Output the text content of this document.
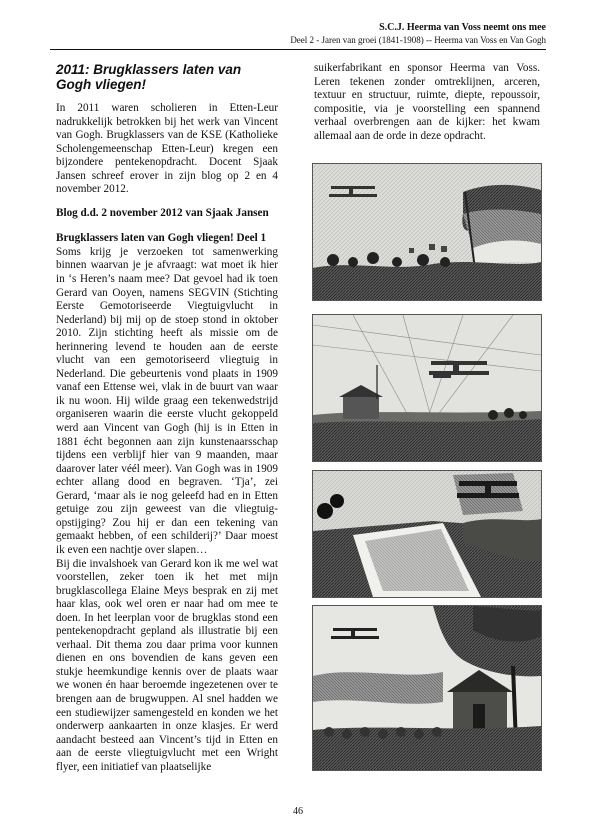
S.C.J. Heerma van Voss neemt ons mee
Deel 2 - Jaren van groei (1841-1908) -- Heerma van Voss en Van Gogh
2011: Brugklassers laten van Gogh vliegen!

In 2011 waren scholieren in Etten-Leur nadrukkelijk betrokken bij het werk van Vincent van Gogh. Brugklassers van de KSE (Katholieke Scholengemeenschap Etten-Leur) kregen een bijzondere pentekenopdracht. Docent Sjaak Jansen schreef erover in zijn blog op 2 en 4 november 2012.

Blog d.d. 2 november 2012 van Sjaak Jansen

Brugklassers laten van Gogh vliegen! Deel 1

Soms krijg je verzoeken tot samenwerking binnen waarvan je je afvraagt: wat moet ik hier in ‘s Heren’s naam mee? Dat gevoel had ik toen Gerard van Ooyen, namens SEGVIN (Stichting Eerste Gemotoriseerde Viegtuigvlucht in Nederland) bij mij op de stoep stond in oktober 2010. Zijn stichting heeft als missie om de herinnering levend te houden aan de eerste vlucht van een gemotoriseerd vliegtuig in Nederland. Die gebeurtenis vond plaats in 1909 vanaf een Ettense wei, vlak in de buurt van waar ik nu woon. Hij wilde graag een tekenwedstrijd organiseren waarin die eerste vlucht gekoppeld werd aan Vincent van Gogh (hij is in Etten in 1881 écht begonnen aan zijn kunstenaarsschap tijdens een verblijf hier van 9 maanden, maar daarover later véél meer). Van Gogh was in 1909 echter allang dood en begraven. ‘Tja’, zei Gerard, ‘maar als ie nog geleefd had en in Etten getuige zou zijn geweest van die vliegtuig-opstijging? Zou hij er dan een tekening van gemaakt hebben, of een schilderij?’ Daar moest ik even een nachtje over slapen…

Bij die invalshoek van Gerard kon ik me wel wat voorstellen, zeker toen ik het met mijn brugklascollega Elaine Meys besprak en zij met haar klas, ook wel oren er naar had om mee te doen. In het leerplan voor de brugklas stond een pentekenopdracht gepland als illustratie bij een verhaal. Dit thema zou daar prima voor kunnen dienen en ons bovendien de kans geven een stukje heemkundige kennis over de plaats waar we wonen én haar beroemde ingezetenen over te brengen aan de brugwuppen. Al snel hadden we een studiewijzer samengesteld en konden we het onderwerp aankaarten in onze klasjes. Er werd aandacht besteed aan Vincent’s tijd in Etten en aan de eerste vliegtuigvlucht met een Wright flyer, een initiatief van plaatselijke

suikerfabrikant en sponsor Heerma van Voss. Leren tekenen zonder omtreklijnen, arceren, textuur en structuur, ruimte, diepte, repoussoir, compositie, via je voorstelling een spannend verhaal overbrengen aan de kijker: het kwam allemaal aan de orde in deze opdracht.

46
